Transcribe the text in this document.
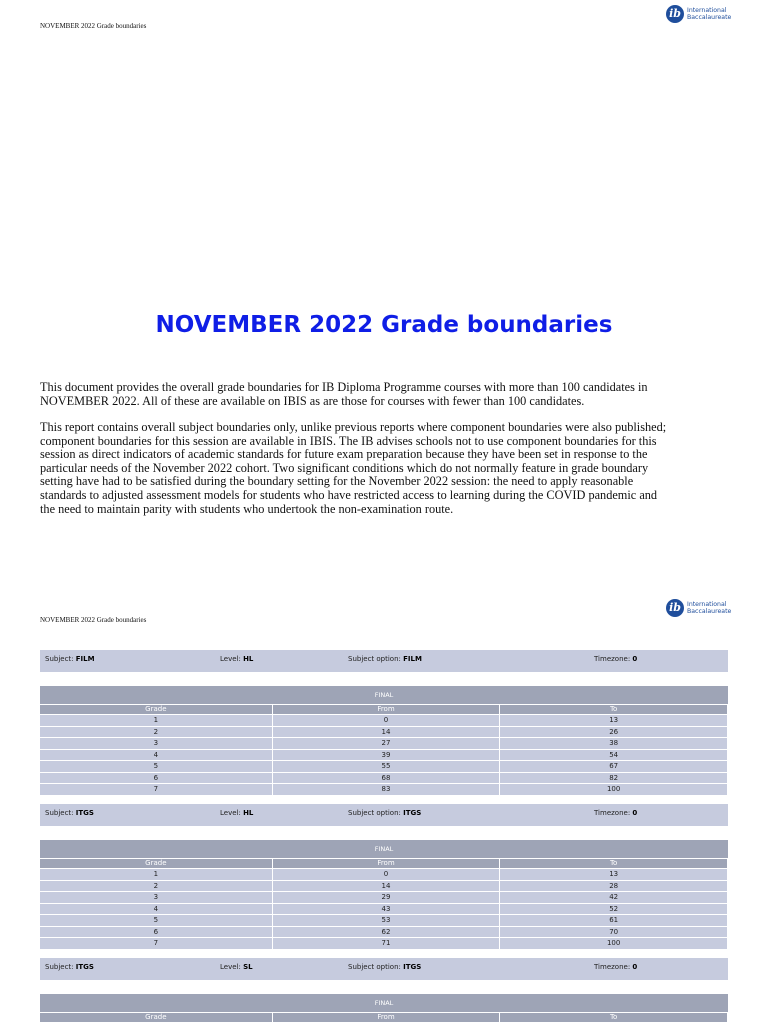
NOVEMBER 2022 Grade boundaries
ib International
Baccalaureate
NOVEMBER 2022 Grade boundaries
This document provides the overall grade boundaries for IB Diploma Programme courses with more than 100 candidates in NOVEMBER 2022. All of these are available on IBIS as are those for courses with fewer than 100 candidates.
This report contains overall subject boundaries only, unlike previous reports where component boundaries were also published; component boundaries for this session are available in IBIS. The IB advises schools not to use component boundaries for this session as direct indicators of academic standards for future exam preparation because they have been set in response to the particular needs of the November 2022 cohort. Two significant conditions which do not normally feature in grade boundary setting have had to be satisfied during the boundary setting for the November 2022 session: the need to apply reasonable standards to adjusted assessment models for students who have restricted access to learning during the COVID pandemic and the need to maintain parity with students who undertook the non-examination route.
NOVEMBER 2022 Grade boundaries
ib International
Baccalaureate
Subject: FILM	Level: HL	Subject option: FILM	Timezone: 0
FINAL
Grade	From	To
1	0	13
2	14	26
3	27	38
4	39	54
5	55	67
6	68	82
7	83	100
Subject: ITGS	Level: HL	Subject option: ITGS	Timezone: 0
FINAL
Grade	From	To
1	0	13
2	14	28
3	29	42
4	43	52
5	53	61
6	62	70
7	71	100
Subject: ITGS	Level: SL	Subject option: ITGS	Timezone: 0
FINAL
Grade	From	To
